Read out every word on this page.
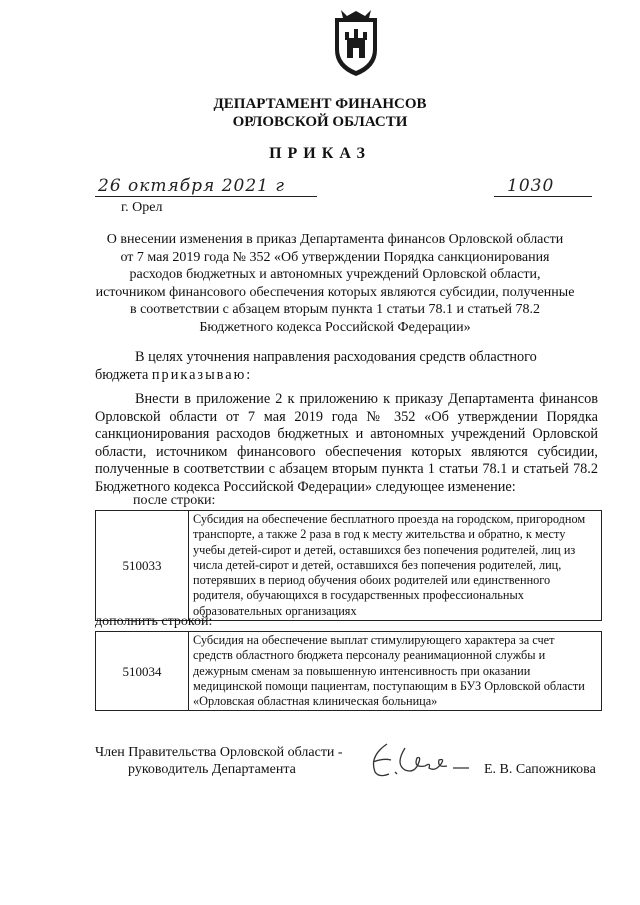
ДЕПАРТАМЕНТ ФИНАНСОВ
ОРЛОВСКОЙ ОБЛАСТИ
ПРИКАЗ
26 октября 2021 г	1030
г. Орел
О внесении изменения в приказ Департамента финансов Орловской области
от 7 мая 2019 года № 352 «Об утверждении Порядка санкционирования
расходов бюджетных и автономных учреждений Орловской области,
источником финансового обеспечения которых являются субсидии, полученные
в соответствии с абзацем вторым пункта 1 статьи 78.1 и статьей 78.2
Бюджетного кодекса Российской Федерации»
В целях уточнения направления расходования средств областного
бюджета приказываю:
Внести в приложение 2 к приложению к приказу Департамента финансов Орловской области от 7 мая 2019 года № 352 «Об утверждении Порядка санкционирования расходов бюджетных и автономных учреждений Орловской области, источником финансового обеспечения которых являются субсидии, полученные в соответствии с абзацем вторым пункта 1 статьи 78.1 и статьей 78.2 Бюджетного кодекса Российской Федерации» следующее изменение:
после строки:
510033	Субсидия на обеспечение бесплатного проезда на городском, пригородном транспорте, а также 2 раза в год к месту жительства и обратно, к месту учебы детей-сирот и детей, оставшихся без попечения родителей, лиц из числа детей-сирот и детей, оставшихся без попечения родителей, лиц, потерявших в период обучения обоих родителей или единственного родителя, обучающихся в государственных профессиональных образовательных организациях
дополнить строкой:
510034	Субсидия на обеспечение выплат стимулирующего характера за счет средств областного бюджета персоналу реанимационной службы и дежурным сменам за повышенную интенсивность при оказании медицинской помощи пациентам, поступающим в БУЗ Орловской области «Орловская областная клиническая больница»
Член Правительства Орловской области -
руководитель Департамента	Е. В. Сапожникова
